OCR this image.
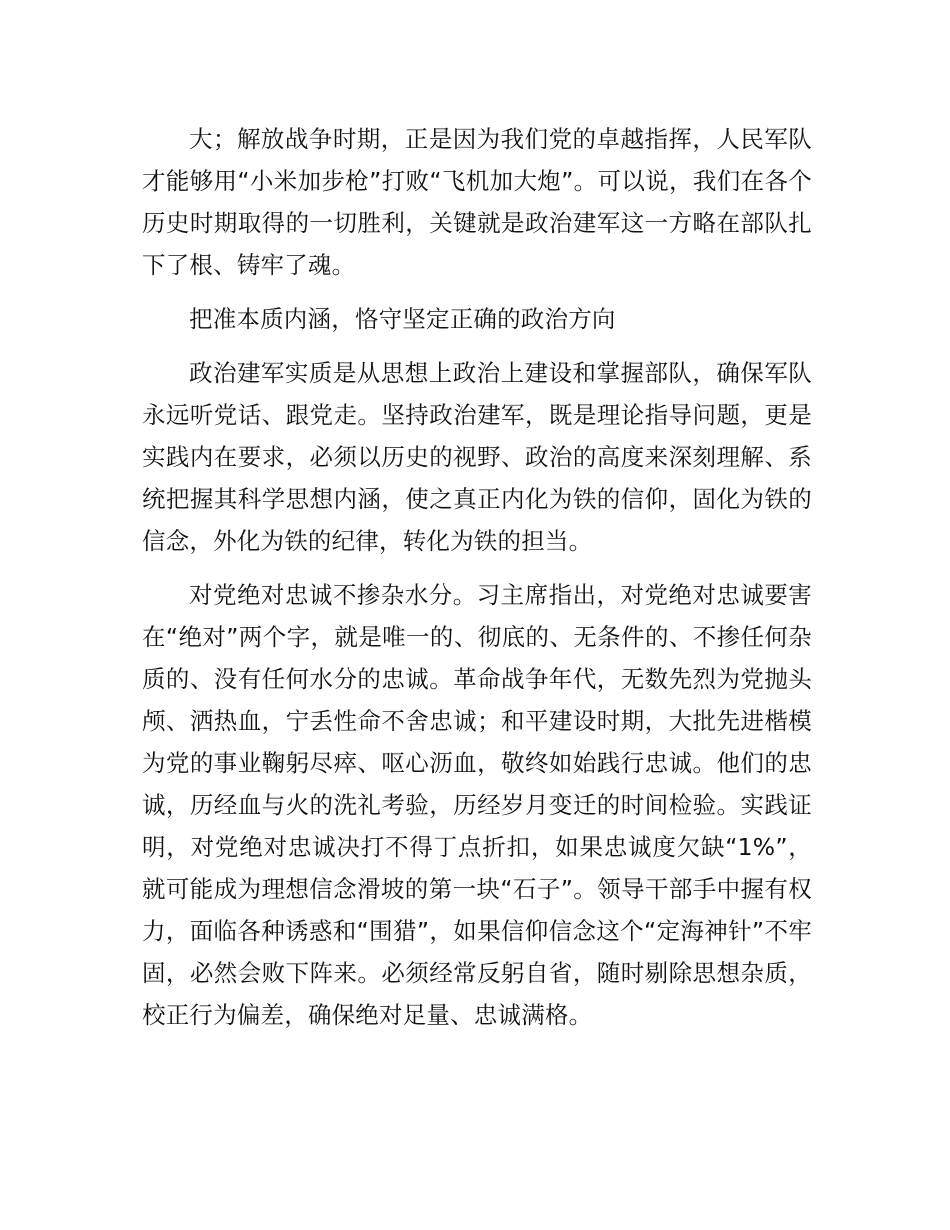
大；解放战争时期，正是因为我们党的卓越指挥，人民军队才能够用“小米加步枪”打败“飞机加大炮”。可以说，我们在各个历史时期取得的一切胜利，关键就是政治建军这一方略在部队扎下了根、铸牢了魂。

把准本质内涵，恪守坚定正确的政治方向

政治建军实质是从思想上政治上建设和掌握部队，确保军队永远听党话、跟党走。坚持政治建军，既是理论指导问题，更是实践内在要求，必须以历史的视野、政治的高度来深刻理解、系统把握其科学思想内涵，使之真正内化为铁的信仰，固化为铁的信念，外化为铁的纪律，转化为铁的担当。

对党绝对忠诚不掺杂水分。习主席指出，对党绝对忠诚要害在“绝对”两个字，就是唯一的、彻底的、无条件的、不掺任何杂质的、没有任何水分的忠诚。革命战争年代，无数先烈为党抛头颅、洒热血，宁丢性命不舍忠诚；和平建设时期，大批先进楷模为党的事业鞠躬尽瘁、呕心沥血，敬终如始践行忠诚。他们的忠诚，历经血与火的洗礼考验，历经岁月变迁的时间检验。实践证明，对党绝对忠诚决打不得丁点折扣，如果忠诚度欠缺“1%”，就可能成为理想信念滑坡的第一块“石子”。领导干部手中握有权力，面临各种诱惑和“围猎”，如果信仰信念这个“定海神针”不牢固，必然会败下阵来。必须经常反躬自省，随时剔除思想杂质，校正行为偏差，确保绝对足量、忠诚满格。
